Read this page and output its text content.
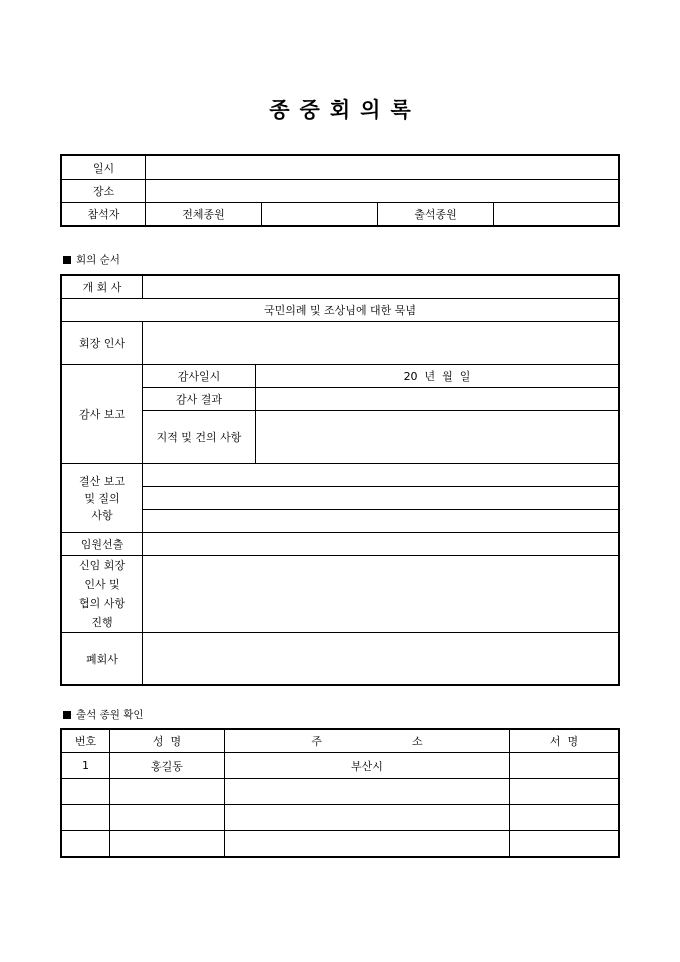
종 중 회 의 록
일시				
장소				
참석자	전체종원		출석종원	
회의 순서
개 회 사		
국민의례 및 조상님에 대한 묵념		
회장 인사		
감사 보고	감사일시	20  년  월  일
	감사 결과	
	지적 및 건의 사항	

결산 보고
및 질의
사항		

임원선출		

신임 회장
인사 및
협의 사항
진행		

폐회사		
출석 종원 확인
번호	성  명	주 소	서  명
1	홍길동	부산시	
